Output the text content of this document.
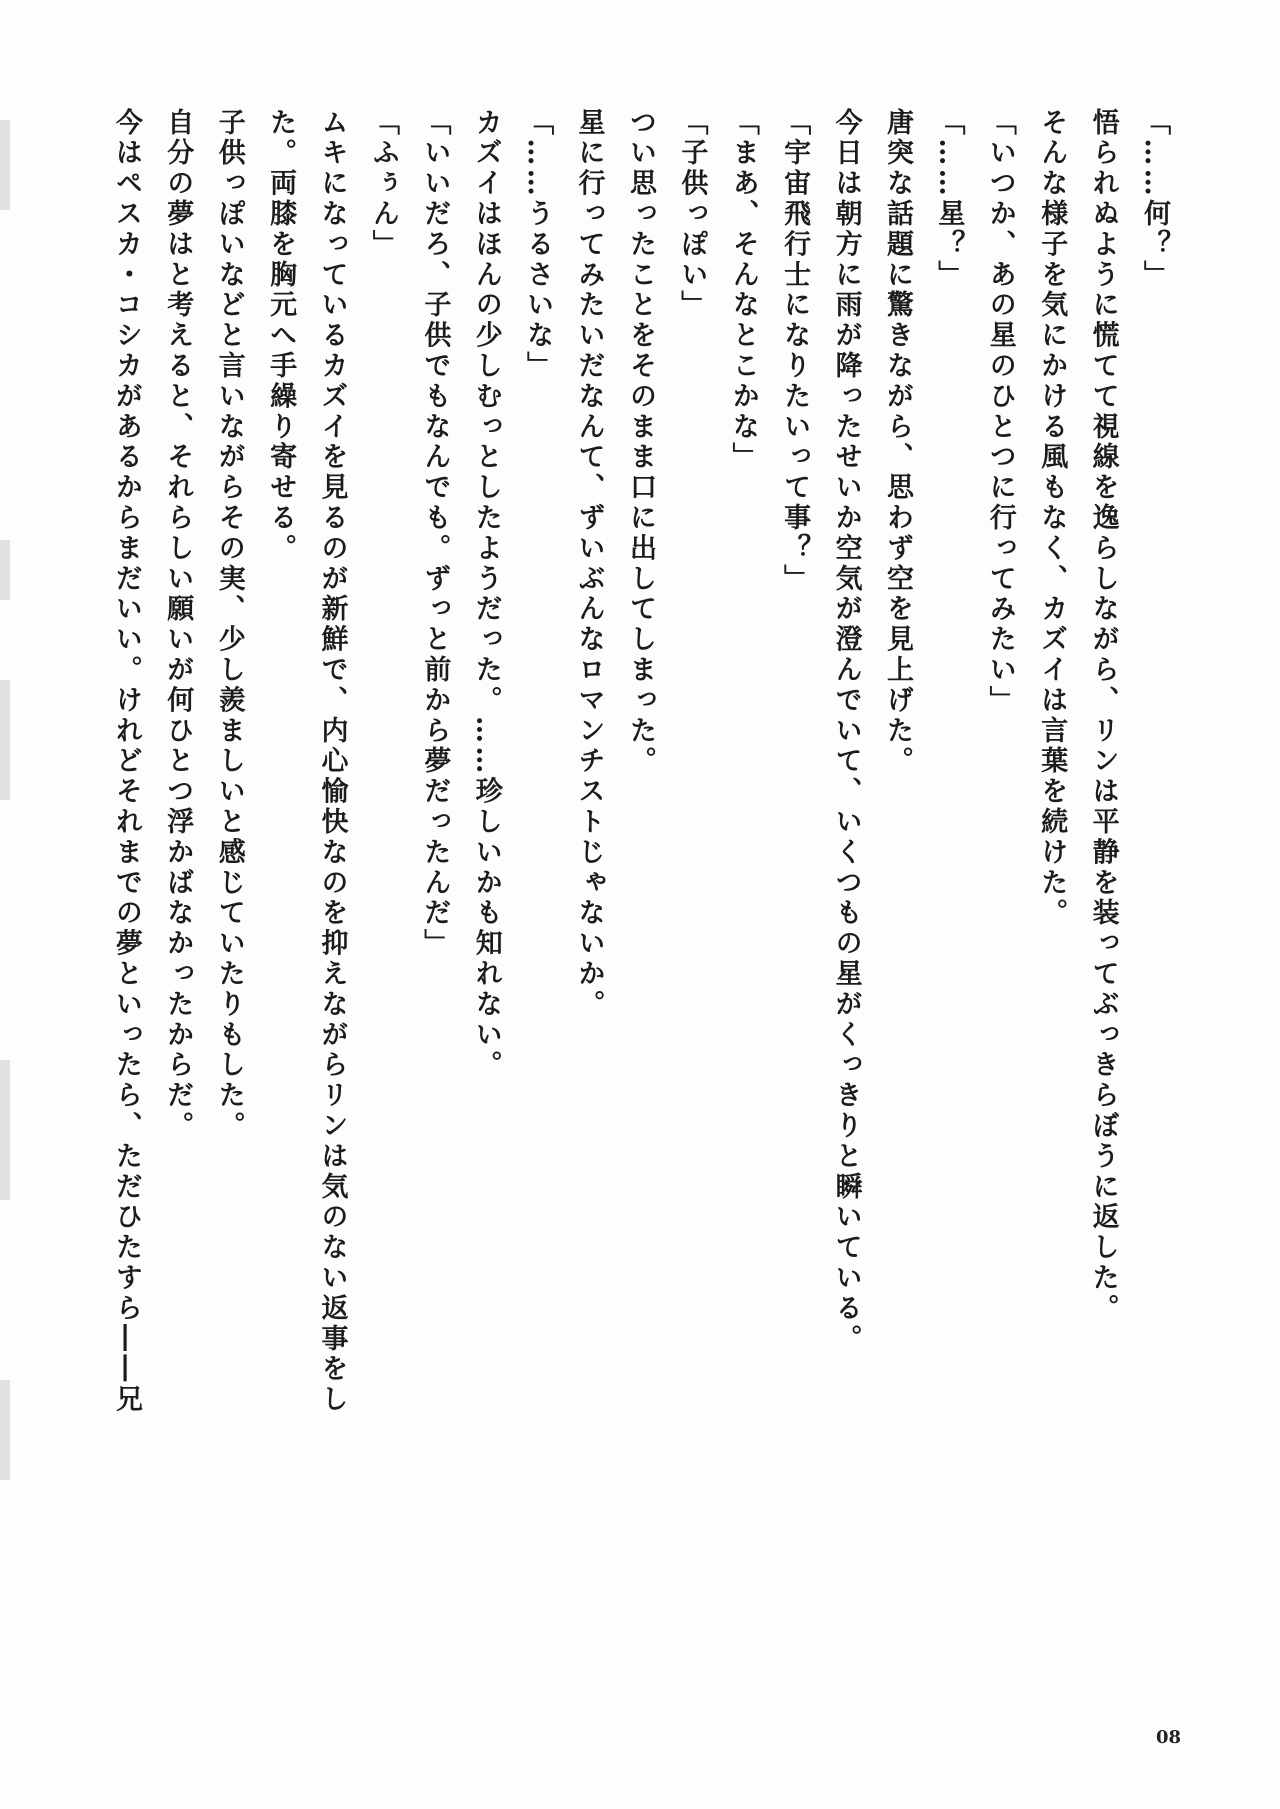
「……何？」
悟られぬように慌てて視線を逸らしながら、リンは平静を装ってぶっきらぼうに返した。
そんな様子を気にかける風もなく、カズイは言葉を続けた。
「いつか、あの星のひとつに行ってみたい」
「……星？」
唐突な話題に驚きながら、思わず空を見上げた。
今日は朝方に雨が降ったせいか空気が澄んでいて、いくつもの星がくっきりと瞬いている。
「宇宙飛行士になりたいって事？」
「まあ、そんなとこかな」
「子供っぽい」
つい思ったことをそのまま口に出してしまった。
星に行ってみたいだなんて、ずいぶんなロマンチストじゃないか。
「……うるさいな」
カズイはほんの少しむっとしたようだった。……珍しいかも知れない。
「いいだろ、子供でもなんでも。ずっと前から夢だったんだ」
「ふぅん」
ムキになっているカズイを見るのが新鮮で、内心愉快なのを抑えながらリンは気のない返事をし
た。両膝を胸元へ手繰り寄せる。
子供っぽいなどと言いながらその実、少し羨ましいと感じていたりもした。
自分の夢はと考えると、それらしい願いが何ひとつ浮かばなかったからだ。
今はペスカ・コシカがあるからまだいい。けれどそれまでの夢といったら、ただひたすら――兄
08
